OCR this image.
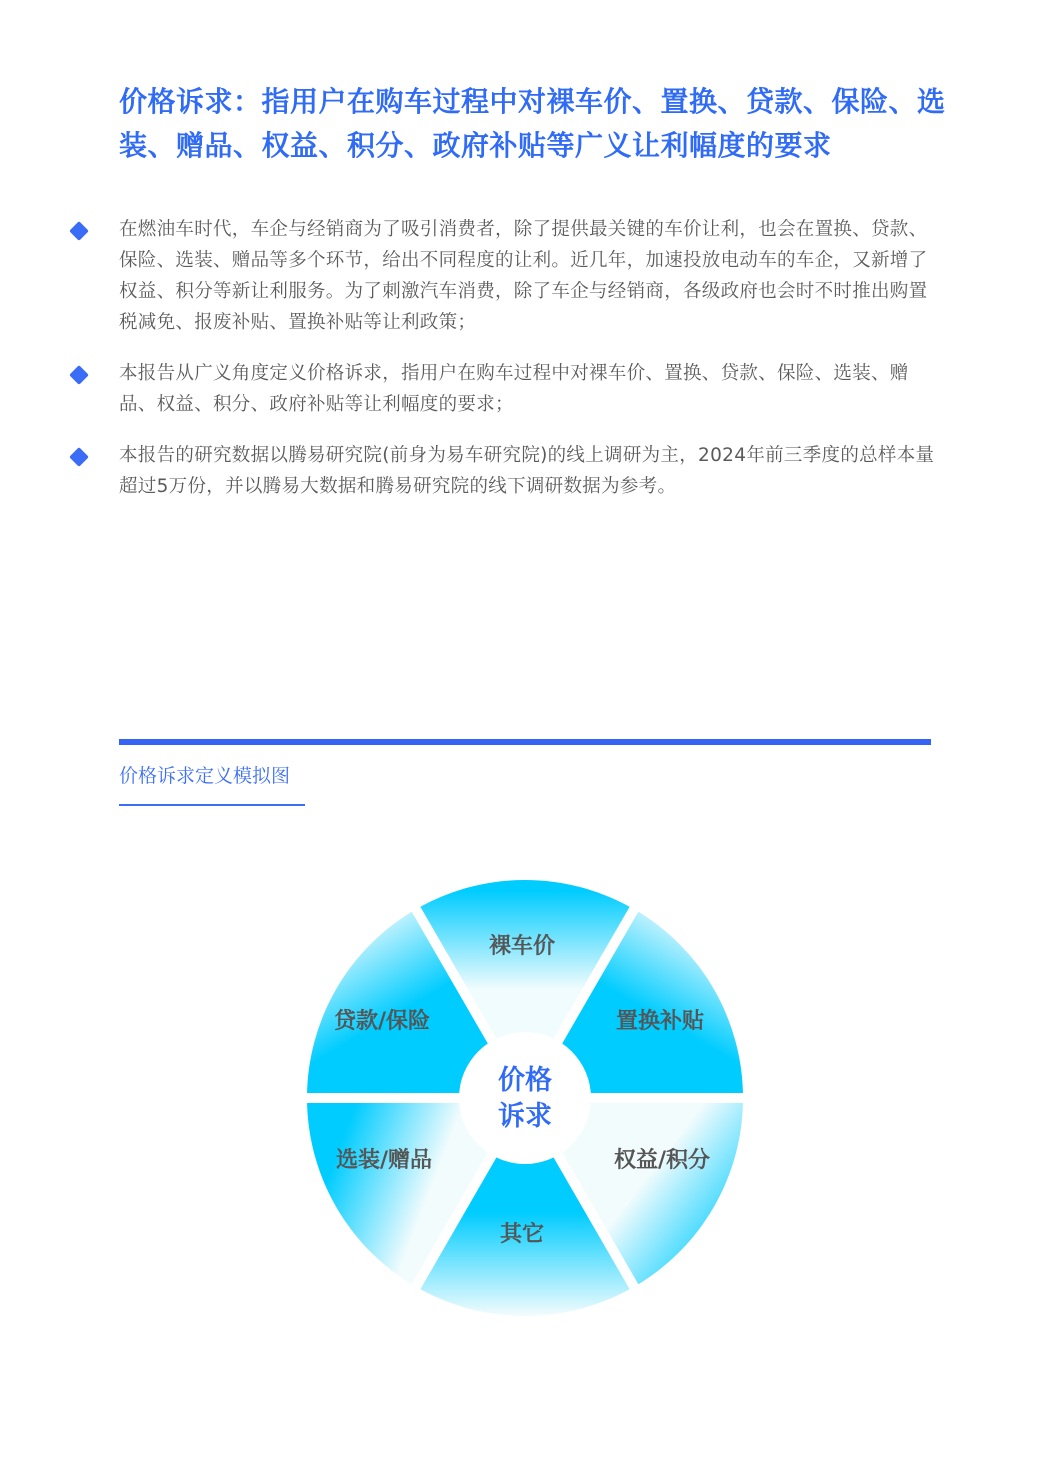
价格诉求：指用户在购车过程中对裸车价、置换、贷款、保险、选装、赠品、权益、积分、政府补贴等广义让利幅度的要求

在燃油车时代，车企与经销商为了吸引消费者，除了提供最关键的车价让利，也会在置换、贷款、保险、选装、赠品等多个环节，给出不同程度的让利。近几年，加速投放电动车的车企，又新增了权益、积分等新让利服务。为了刺激汽车消费，除了车企与经销商，各级政府也会时不时推出购置税减免、报废补贴、置换补贴等让利政策；

本报告从广义角度定义价格诉求，指用户在购车过程中对裸车价、置换、贷款、保险、选装、赠品、权益、积分、政府补贴等让利幅度的要求；

本报告的研究数据以腾易研究院(前身为易车研究院)的线上调研为主，2024年前三季度的总样本量超过5万份，并以腾易大数据和腾易研究院的线下调研数据为参考。

价格诉求定义模拟图
价格
诉求
裸车价
置换补贴
权益/积分
其它
选装/赠品
贷款/保险
